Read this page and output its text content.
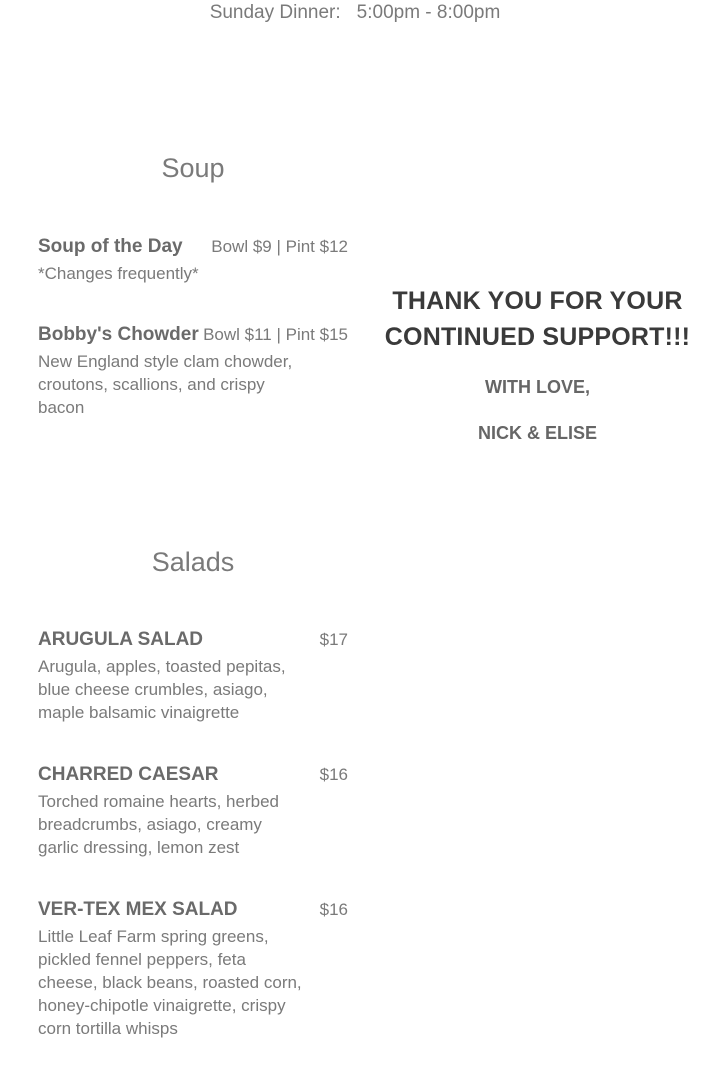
Sunday Dinner: 5:00pm - 8:00pm
Soup
Soup of the Day Bowl $9 | Pint $12
*Changes frequently*
Bobby's Chowder Bowl $11 | Pint $15
New England style clam chowder, croutons, scallions, and crispy bacon
Salads
ARUGULA SALAD	$17
Arugula, apples, toasted pepitas, blue cheese crumbles, asiago, maple balsamic vinaigrette
CHARRED CAESAR	$16
Torched romaine hearts, herbed breadcrumbs, asiago, creamy garlic dressing, lemon zest
VER-TEX MEX SALAD	$16
Little Leaf Farm spring greens, pickled fennel peppers, feta cheese, black beans, roasted corn, honey-chipotle vinaigrette, crispy corn tortilla whisps
THANK YOU FOR YOUR CONTINUED SUPPORT!!!
WITH LOVE,
NICK & ELISE
